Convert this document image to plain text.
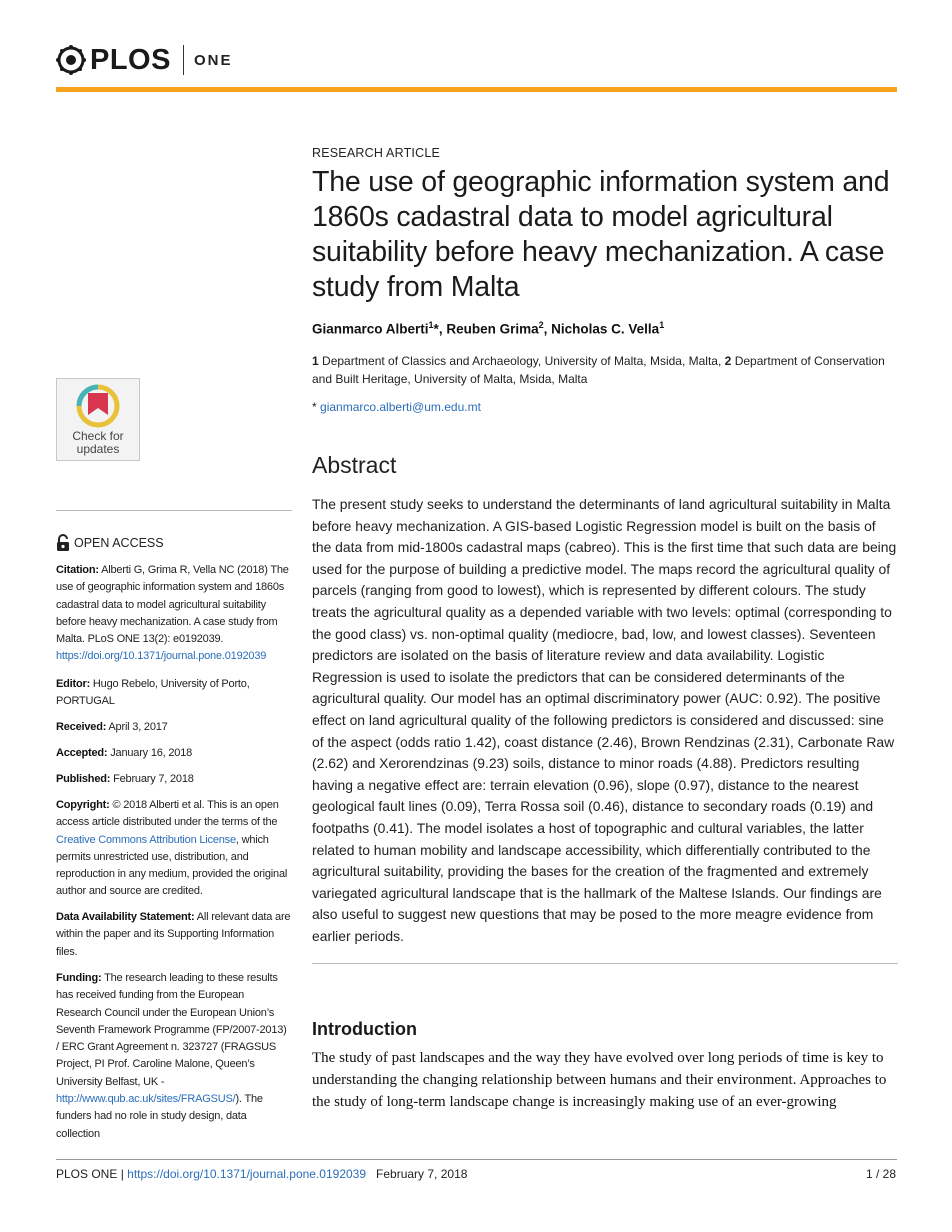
PLOS ONE
RESEARCH ARTICLE
The use of geographic information system and 1860s cadastral data to model agricultural suitability before heavy mechanization. A case study from Malta
Gianmarco Alberti$^1$*, Reuben Grima$^2$, Nicholas C. Vella$^1$
1 Department of Classics and Archaeology, University of Malta, Msida, Malta, 2 Department of Conservation and Built Heritage, University of Malta, Msida, Malta
* gianmarco.alberti@um.edu.mt
Abstract
The present study seeks to understand the determinants of land agricultural suitability in Malta before heavy mechanization. A GIS-based Logistic Regression model is built on the basis of the data from mid-1800s cadastral maps (cabreo). This is the first time that such data are being used for the purpose of building a predictive model. The maps record the agricultural quality of parcels (ranging from good to lowest), which is represented by different colours. The study treats the agricultural quality as a depended variable with two levels: optimal (corresponding to the good class) vs. non-optimal quality (mediocre, bad, low, and lowest classes). Seventeen predictors are isolated on the basis of literature review and data availability. Logistic Regression is used to isolate the predictors that can be considered determinants of the agricultural quality. Our model has an optimal discriminatory power (AUC: 0.92). The positive effect on land agricultural quality of the following predictors is considered and discussed: sine of the aspect (odds ratio 1.42), coast distance (2.46), Brown Rendzinas (2.31), Carbonate Raw (2.62) and Xerorendzinas (9.23) soils, distance to minor roads (4.88). Predictors resulting having a negative effect are: terrain elevation (0.96), slope (0.97), distance to the nearest geological fault lines (0.09), Terra Rossa soil (0.46), distance to secondary roads (0.19) and footpaths (0.41). The model isolates a host of topographic and cultural variables, the latter related to human mobility and landscape accessibility, which differentially contributed to the agricultural suitability, providing the bases for the creation of the fragmented and extremely variegated agricultural landscape that is the hallmark of the Maltese Islands. Our findings are also useful to suggest new questions that may be posed to the more meagre evidence from earlier periods.
Introduction
The study of past landscapes and the way they have evolved over long periods of time is key to understanding the changing relationship between humans and their environment. Approaches to the study of long-term landscape change is increasingly making use of an ever-growing
Check for
updates
OPEN ACCESS
Citation: Alberti G, Grima R, Vella NC (2018) The use of geographic information system and 1860s cadastral data to model agricultural suitability before heavy mechanization. A case study from Malta. PLoS ONE 13(2): e0192039. https://doi.org/10.1371/journal.pone.0192039
Editor: Hugo Rebelo, University of Porto, PORTUGAL
Received: April 3, 2017
Accepted: January 16, 2018
Published: February 7, 2018
Copyright: © 2018 Alberti et al. This is an open access article distributed under the terms of the Creative Commons Attribution License, which permits unrestricted use, distribution, and reproduction in any medium, provided the original author and source are credited.
Data Availability Statement: All relevant data are within the paper and its Supporting Information files.
Funding: The research leading to these results has received funding from the European Research Council under the European Union’s Seventh Framework Programme (FP/2007-2013) / ERC Grant Agreement n. 323727 (FRAGSUS Project, PI Prof. Caroline Malone, Queen’s University Belfast, UK - http://www.qub.ac.uk/sites/FRAGSUS/). The funders had no role in study design, data collection
PLOS ONE | https://doi.org/10.1371/journal.pone.0192039 February 7, 2018	1 / 28
